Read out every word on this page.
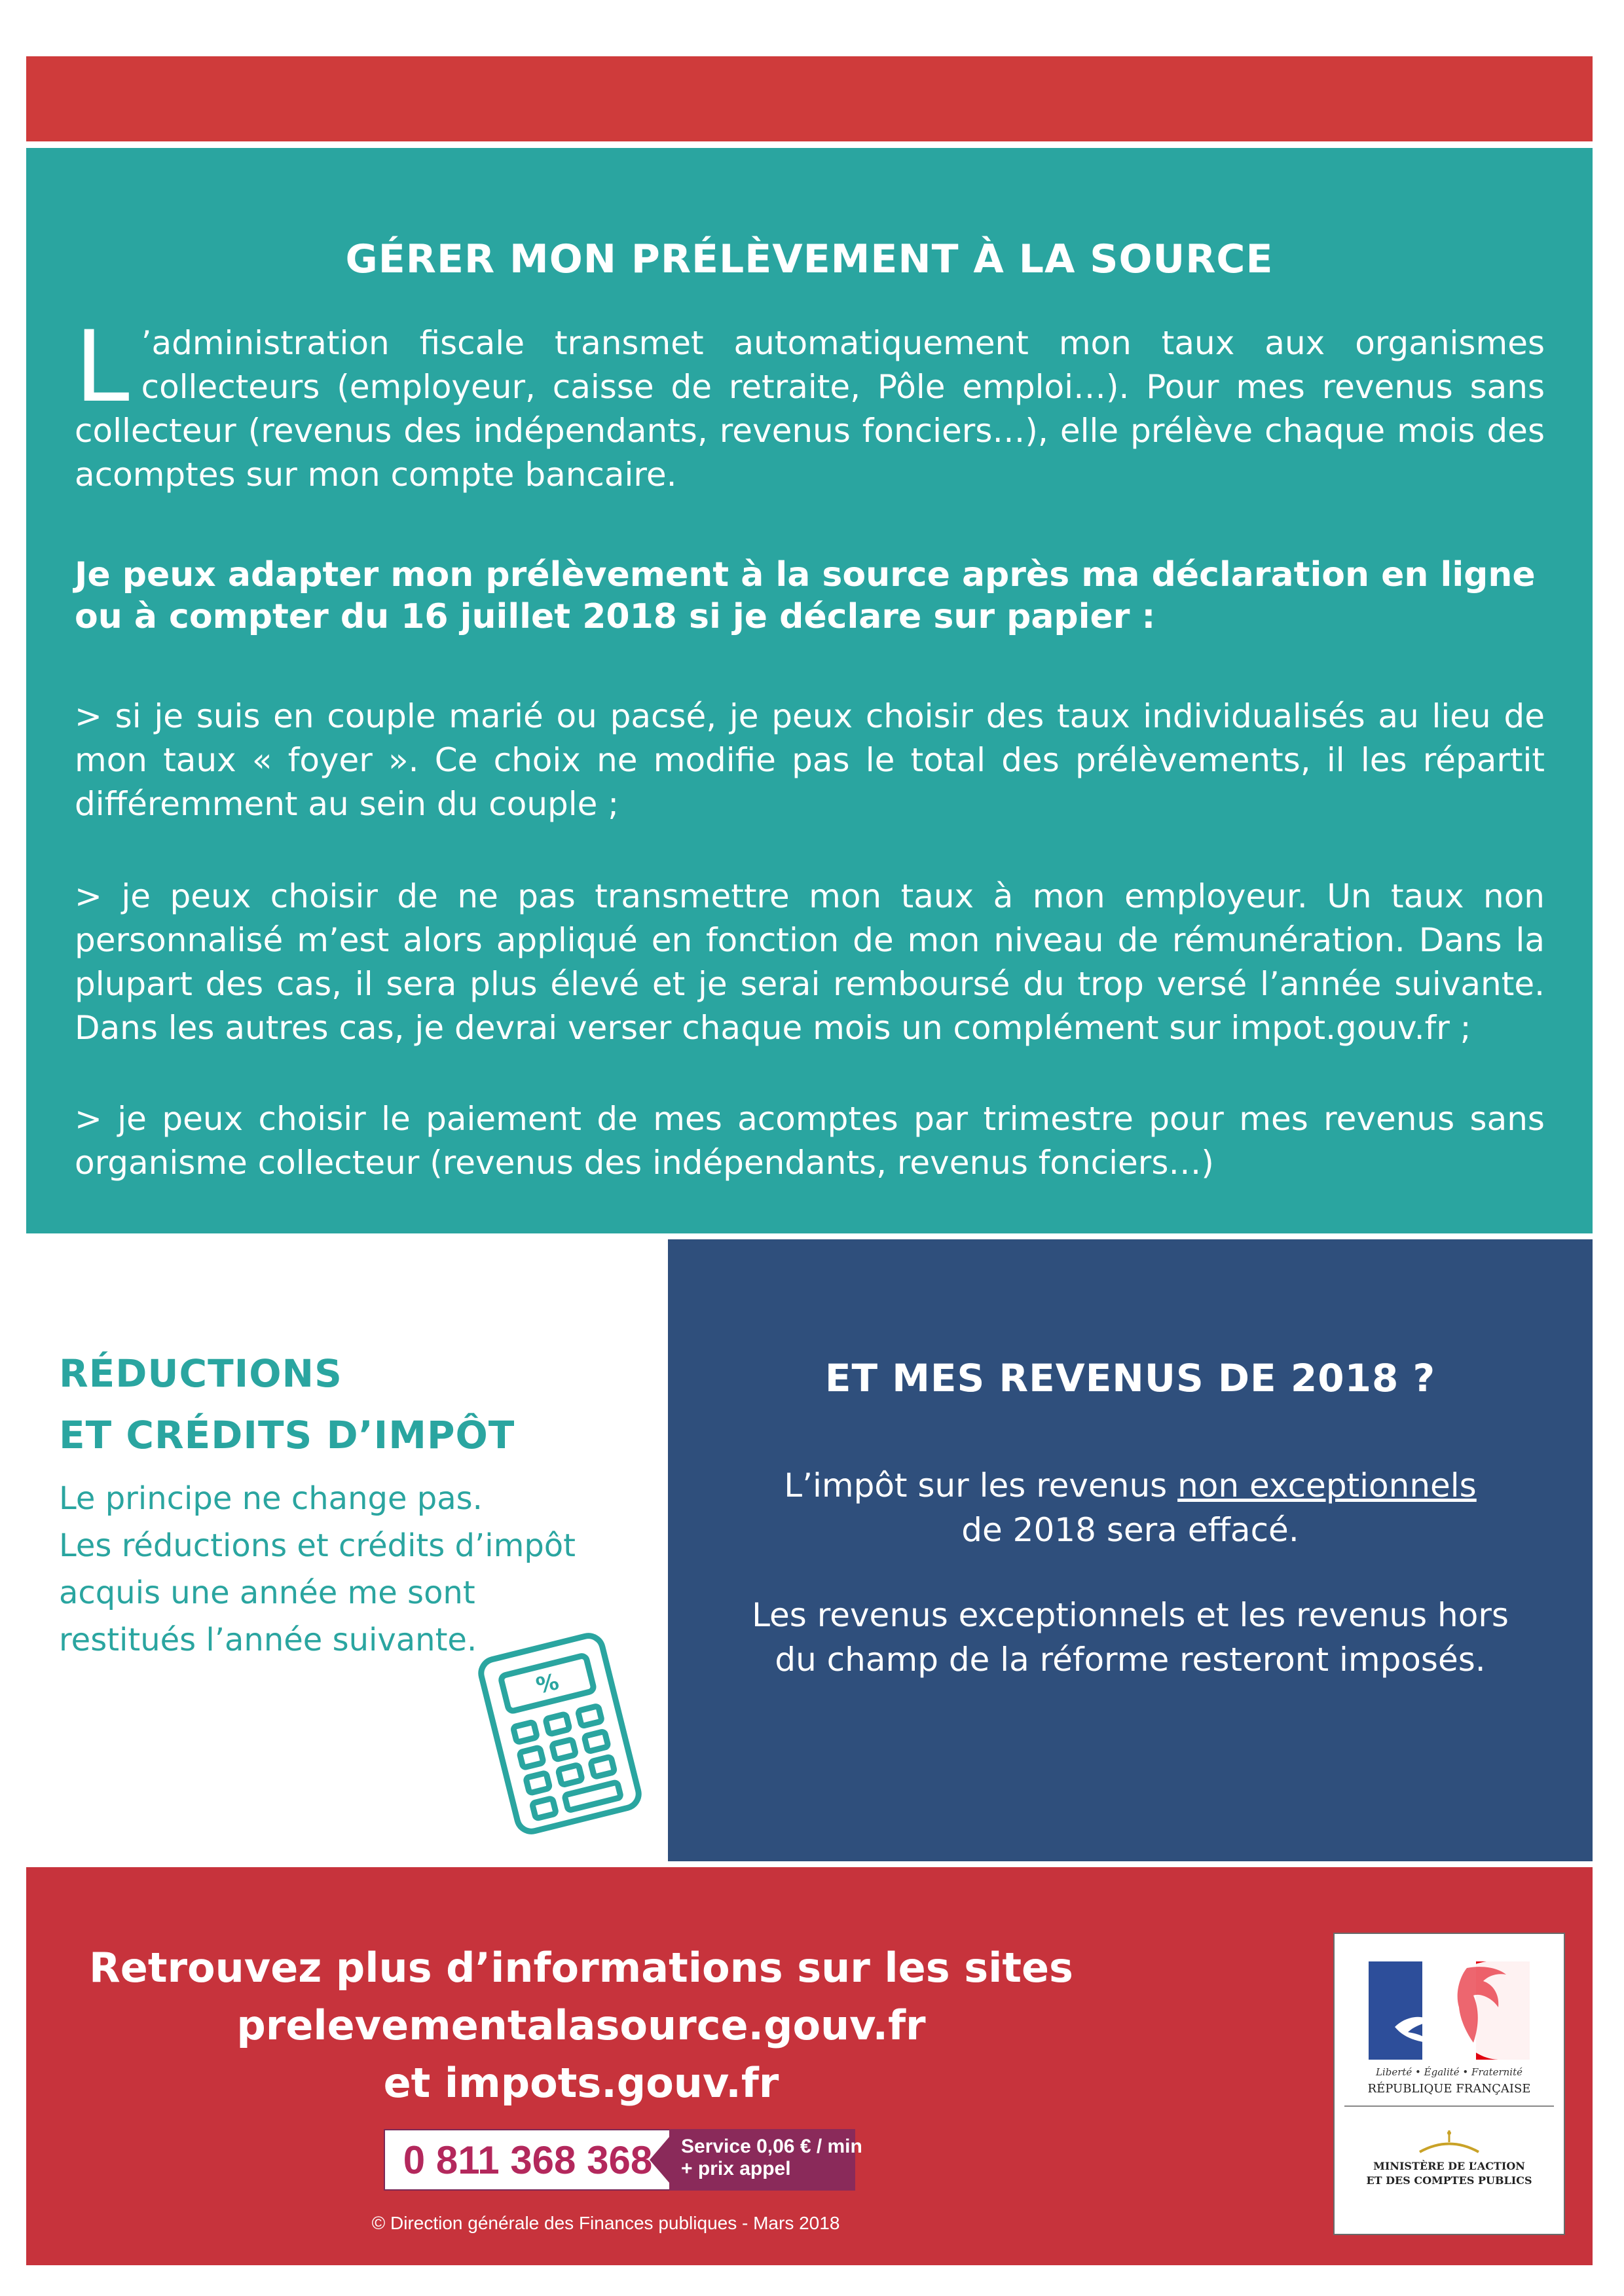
GÉRER MON PRÉLÈVEMENT À LA SOURCE
L ’administration fiscale transmet automatiquement mon taux aux organismes collecteurs (employeur, caisse de retraite, Pôle emploi…). Pour mes revenus sans collecteur (revenus des indépendants, revenus fonciers…), elle prélève chaque mois des acomptes sur mon compte bancaire.
Je peux adapter mon prélèvement à la source après ma déclaration en ligne ou à compter du 16 juillet 2018 si je déclare sur papier :
> si je suis en couple marié ou pacsé, je peux choisir des taux individualisés au lieu de mon taux « foyer ». Ce choix ne modifie pas le total des prélèvements, il les répartit différemment au sein du couple ;
> je peux choisir de ne pas transmettre mon taux à mon employeur. Un taux non personnalisé m’est alors appliqué en fonction de mon niveau de rémunération. Dans la plupart des cas, il sera plus élevé et je serai remboursé du trop versé l’année suivante. Dans les autres cas, je devrai verser chaque mois un complément sur impot.gouv.fr ;
> je peux choisir le paiement de mes acomptes par trimestre pour mes revenus sans organisme collecteur (revenus des indépendants, revenus fonciers…)
RÉDUCTIONS
ET CRÉDITS D’IMPÔT
Le principe ne change pas.
Les réductions et crédits d’impôt
acquis une année me sont
restitués l’année suivante.
%
ET MES REVENUS DE 2018 ?
L’impôt sur les revenus non exceptionnels
de 2018 sera effacé.
Les revenus exceptionnels et les revenus hors
du champ de la réforme resteront imposés.
Retrouvez plus d’informations sur les sites
prelevementalasource.gouv.fr
et impots.gouv.fr
0 811 368 368 Service 0,06 € / min
+ prix appel
© Direction générale des Finances publiques - Mars 2018
Liberté • Égalité • Fraternité
RÉPUBLIQUE FRANÇAISE
MINISTÈRE DE L’ACTION
ET DES COMPTES PUBLICS
